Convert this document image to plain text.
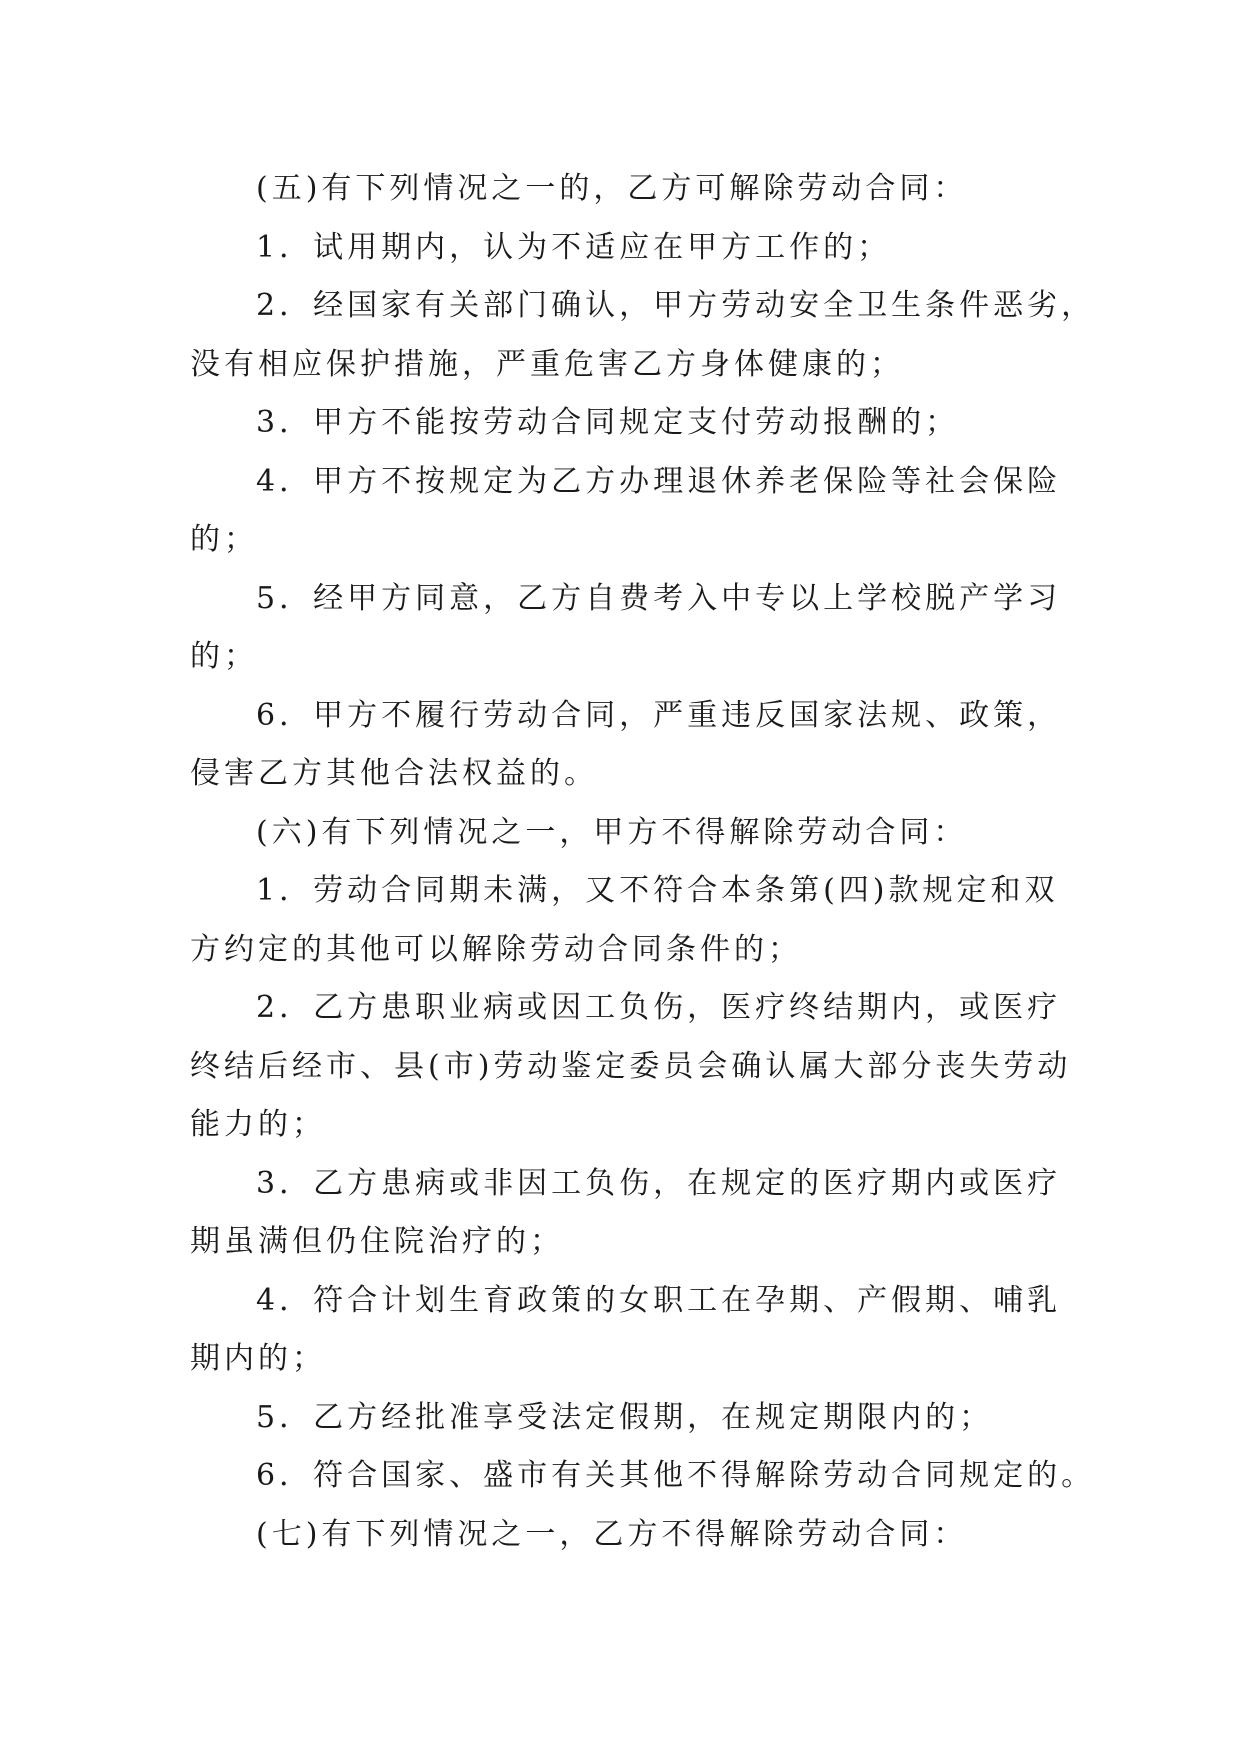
(五)有下列情况之一的，乙方可解除劳动合同：
1．试用期内，认为不适应在甲方工作的；
2．经国家有关部门确认，甲方劳动安全卫生条件恶劣，
没有相应保护措施，严重危害乙方身体健康的；
3．甲方不能按劳动合同规定支付劳动报酬的；
4．甲方不按规定为乙方办理退休养老保险等社会保险
的；
5．经甲方同意，乙方自费考入中专以上学校脱产学习
的；
6．甲方不履行劳动合同，严重违反国家法规、政策，
侵害乙方其他合法权益的。
(六)有下列情况之一，甲方不得解除劳动合同：
1．劳动合同期未满，又不符合本条第(四)款规定和双
方约定的其他可以解除劳动合同条件的；
2．乙方患职业病或因工负伤，医疗终结期内，或医疗
终结后经市、县(市)劳动鉴定委员会确认属大部分丧失劳动
能力的；
3．乙方患病或非因工负伤，在规定的医疗期内或医疗
期虽满但仍住院治疗的；
4．符合计划生育政策的女职工在孕期、产假期、哺乳
期内的；
5．乙方经批准享受法定假期，在规定期限内的；
6．符合国家、盛市有关其他不得解除劳动合同规定的。
(七)有下列情况之一，乙方不得解除劳动合同：
